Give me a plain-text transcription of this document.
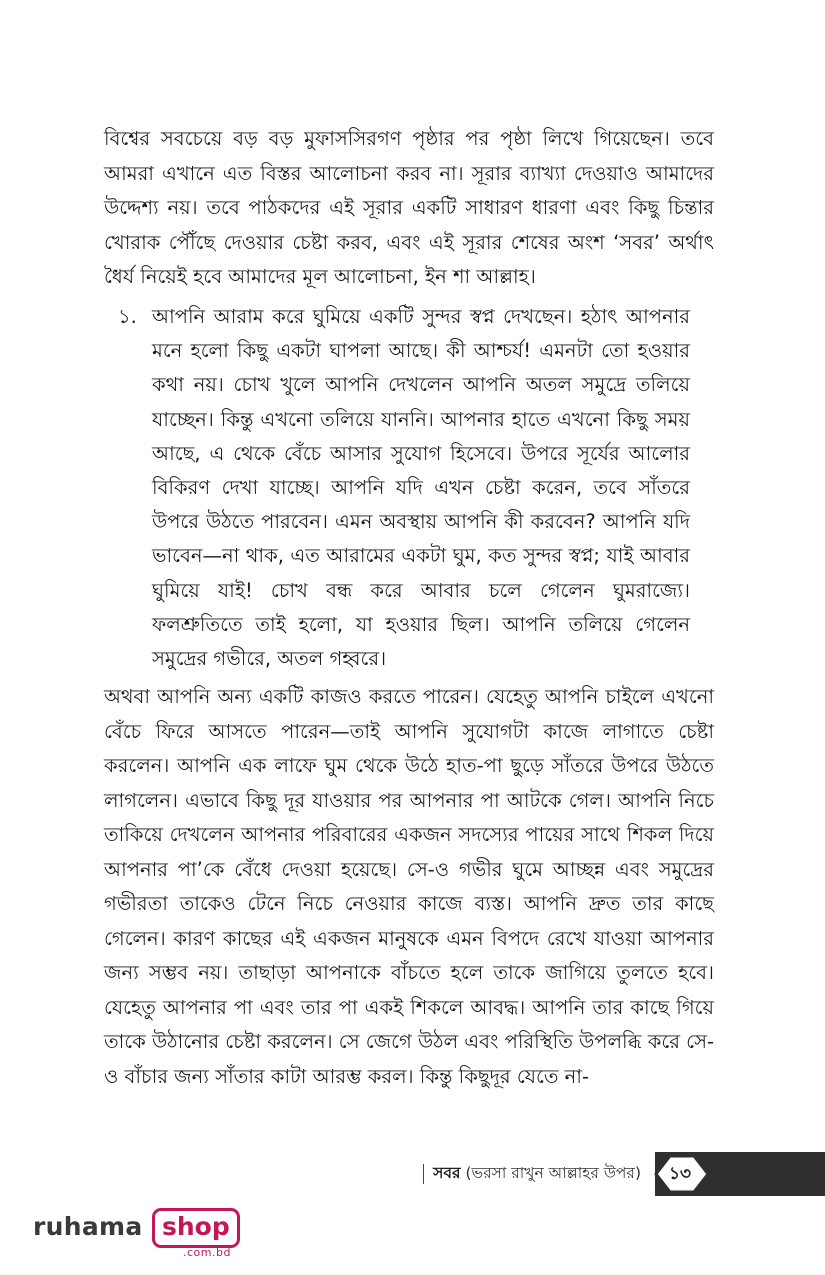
বিশ্বের সবচেয়ে বড় বড় মুফাসসিরগণ পৃষ্ঠার পর পৃষ্ঠা লিখে গিয়েছেন। তবে আমরা এখানে এত বিস্তর আলোচনা করব না। সূরার ব্যাখ্যা দেওয়াও আমাদের উদ্দেশ্য নয়। তবে পাঠকদের এই সূরার একটি সাধারণ ধারণা এবং কিছু চিন্তার খোরাক পৌঁছে দেওয়ার চেষ্টা করব, এবং এই সূরার শেষের অংশ ‘সবর’ অর্থাৎ ধৈর্য নিয়েই হবে আমাদের মূল আলোচনা, ইন শা আল্লাহ।
১. আপনি আরাম করে ঘুমিয়ে একটি সুন্দর স্বপ্ন দেখছেন। হঠাৎ আপনার মনে হলো কিছু একটা ঘাপলা আছে। কী আশ্চর্য! এমনটা তো হওয়ার কথা নয়। চোখ খুলে আপনি দেখলেন আপনি অতল সমুদ্রে তলিয়ে যাচ্ছেন। কিন্তু এখনো তলিয়ে যাননি। আপনার হাতে এখনো কিছু সময় আছে, এ থেকে বেঁচে আসার সুযোগ হিসেবে। উপরে সূর্যের আলোর বিকিরণ দেখা যাচ্ছে। আপনি যদি এখন চেষ্টা করেন, তবে সাঁতরে উপরে উঠতে পারবেন। এমন অবস্থায় আপনি কী করবেন? আপনি যদি ভাবেন—না থাক, এত আরামের একটা ঘুম, কত সুন্দর স্বপ্ন; যাই আবার ঘুমিয়ে যাই! চোখ বন্ধ করে আবার চলে গেলেন ঘুমরাজ্যে। ফলশ্রুতিতে তাই হলো, যা হওয়ার ছিল। আপনি তলিয়ে গেলেন সমুদ্রের গভীরে, অতল গহ্বরে।
অথবা আপনি অন্য একটি কাজও করতে পারেন। যেহেতু আপনি চাইলে এখনো বেঁচে ফিরে আসতে পারেন—তাই আপনি সুযোগটা কাজে লাগাতে চেষ্টা করলেন। আপনি এক লাফে ঘুম থেকে উঠে হাত-পা ছুড়ে সাঁতরে উপরে উঠতে লাগলেন। এভাবে কিছু দূর যাওয়ার পর আপনার পা আটকে গেল। আপনি নিচে তাকিয়ে দেখলেন আপনার পরিবারের একজন সদস্যের পায়ের সাথে শিকল দিয়ে আপনার পা’কে বেঁধে দেওয়া হয়েছে। সে-ও গভীর ঘুমে আচ্ছন্ন এবং সমুদ্রের গভীরতা তাকেও টেনে নিচে নেওয়ার কাজে ব্যস্ত। আপনি দ্রুত তার কাছে গেলেন। কারণ কাছের এই একজন মানুষকে এমন বিপদে রেখে যাওয়া আপনার জন্য সম্ভব নয়। তাছাড়া আপনাকে বাঁচতে হলে তাকে জাগিয়ে তুলতে হবে। যেহেতু আপনার পা এবং তার পা একই শিকলে আবদ্ধ। আপনি তার কাছে গিয়ে তাকে উঠানোর চেষ্টা করলেন। সে জেগে উঠল এবং পরিস্থিতি উপলব্ধি করে সে-ও বাঁচার জন্য সাঁতার কাটা আরম্ভ করল। কিন্তু কিছুদূর যেতে না-
সবর (ভরসা রাখুন আল্লাহর উপর)	১৩
ruhama shop
.com.bd
